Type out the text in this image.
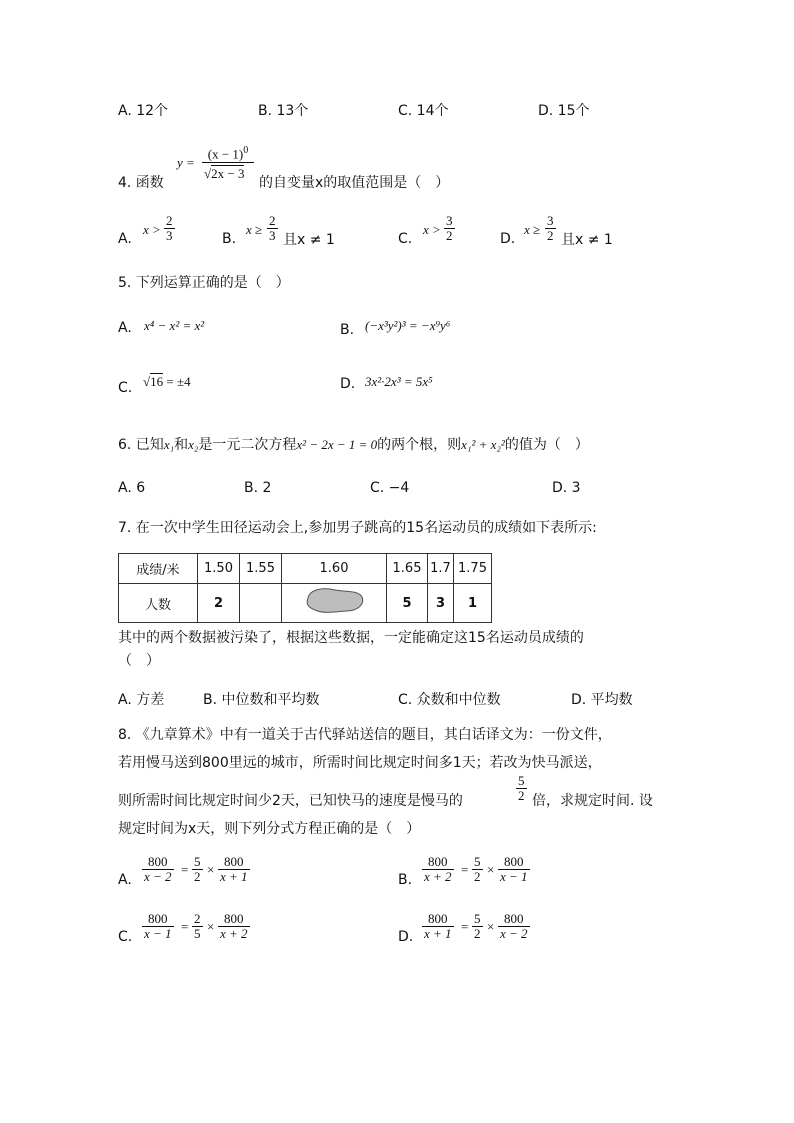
A. 12个	B. 13个	C. 14个	D. 15个
4. 函数
y =
$(x - 1)^0$
√2x − 3
的自变量x的取值范围是（　）
A.
$x > \frac{2}{3}$	B.
$x \ge \frac{2}{3}$ 且x ≠ 1	C.
$x > \frac{3}{2}$	D.
$x \ge \frac{3}{2}$ 且x ≠ 1
5. 下列运算正确的是（　）
A. x⁴ − x² = x²	B. (−x³y²)³ = −x⁹y⁶
C. √16 = ±4	D. 3x²·2x³ = 5x⁵
6. 已知x₁和x₂是一元二次方程x² − 2x − 1 = 0的两个根，则x₁² + x₂²的值为（　）
A. 6	B. 2	C. −4	D. 3
7. 在一次中学生田径运动会上,参加男子跳高的15名运动员的成绩如下表所示:
成绩/米	1.50	1.55	1.60	1.65	1.7	1.75
人数	2			5	3	1
其中的两个数据被污染了，根据这些数据，一定能确定这15名运动员成绩的
（　）
A. 方差	B. 中位数和平均数	C. 众数和中位数	D. 平均数
8. 《九章算术》中有一道关于古代驿站送信的题目，其白话译文为：一份文件，
若用慢马送到800里远的城市，所需时间比规定时间多1天；若改为快马派送，
则所需时间比规定时间少2天，已知快马的速度是慢马的	$\frac{5}{2}$ 倍，求规定时间. 设
规定时间为x天，则下列分式方程正确的是（　）
A. $\frac{800}{x - 2} = \frac{5}{2} \times \frac{800}{x + 1}$	B. $\frac{800}{x + 2} = \frac{5}{2} \times \frac{800}{x - 1}$
C. $\frac{800}{x - 1} = \frac{2}{5} \times \frac{800}{x + 2}$	D. $\frac{800}{x + 1} = \frac{5}{2} \times \frac{800}{x - 2}$
